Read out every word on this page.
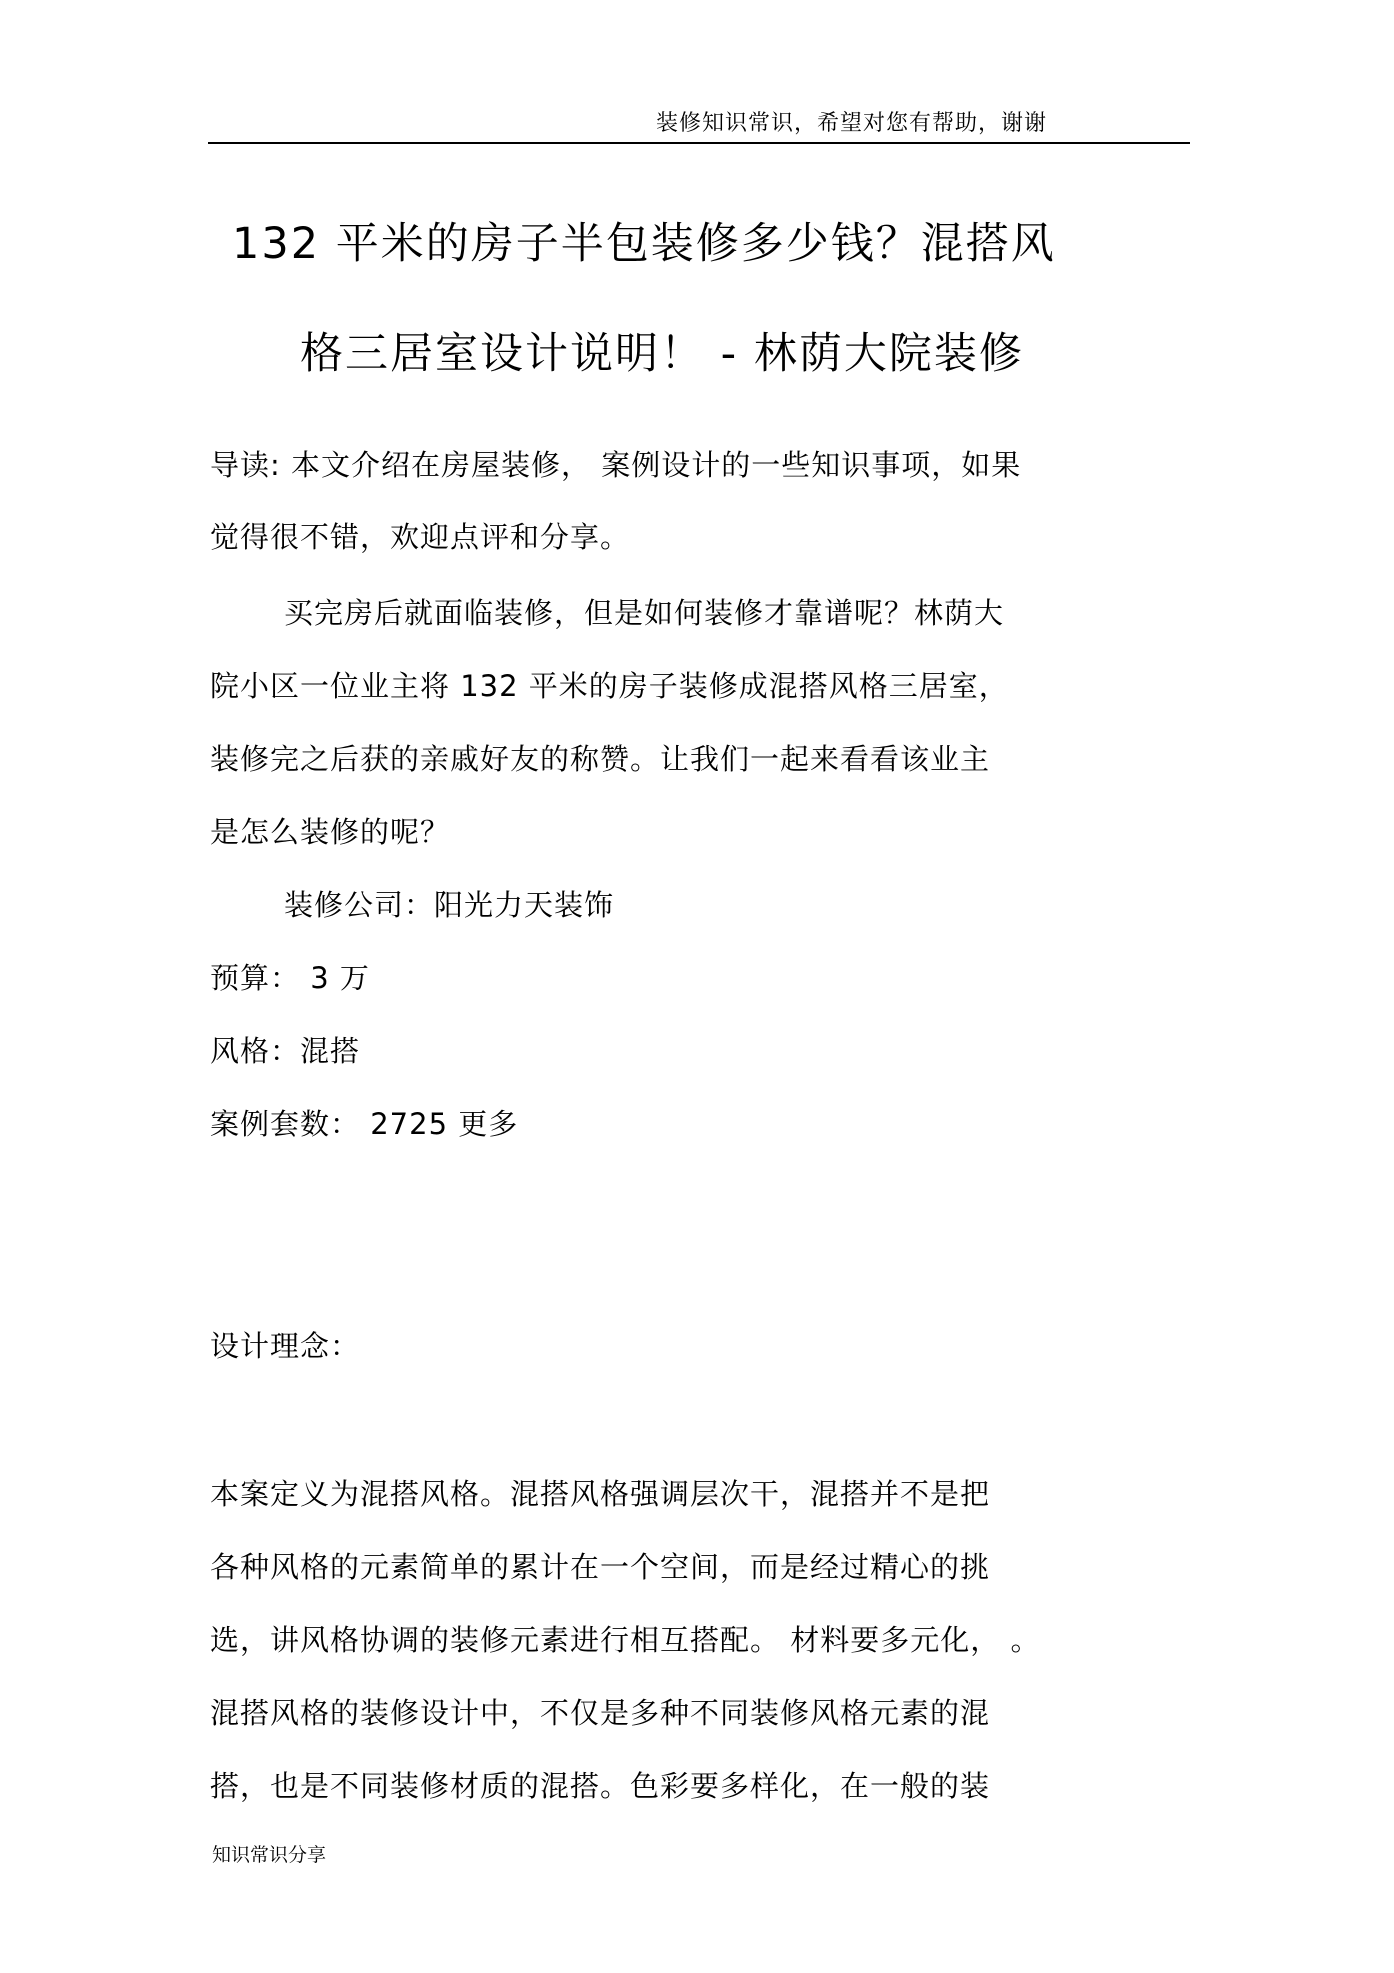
装修知识常识，希望对您有帮助，谢谢
132 平米的房子半包装修多少钱？混搭风
格三居室设计说明！ - 林荫大院装修
导读: 本文介绍在房屋装修， 案例设计的一些知识事项，如果
觉得很不错，欢迎点评和分享。
买完房后就面临装修，但是如何装修才靠谱呢？林荫大
院小区一位业主将 132 平米的房子装修成混搭风格三居室，
装修完之后获的亲戚好友的称赞。让我们一起来看看该业主
是怎么装修的呢？
装修公司：阳光力天装饰
预算： 3 万
风格：混搭
案例套数： 2725 更多
设计理念：
本案定义为混搭风格。混搭风格强调层次干，混搭并不是把
各种风格的元素简单的累计在一个空间，而是经过精心的挑
选，讲风格协调的装修元素进行相互搭配。 材料要多元化， 。
混搭风格的装修设计中，不仅是多种不同装修风格元素的混
搭，也是不同装修材质的混搭。色彩要多样化，在一般的装
知识常识分享
